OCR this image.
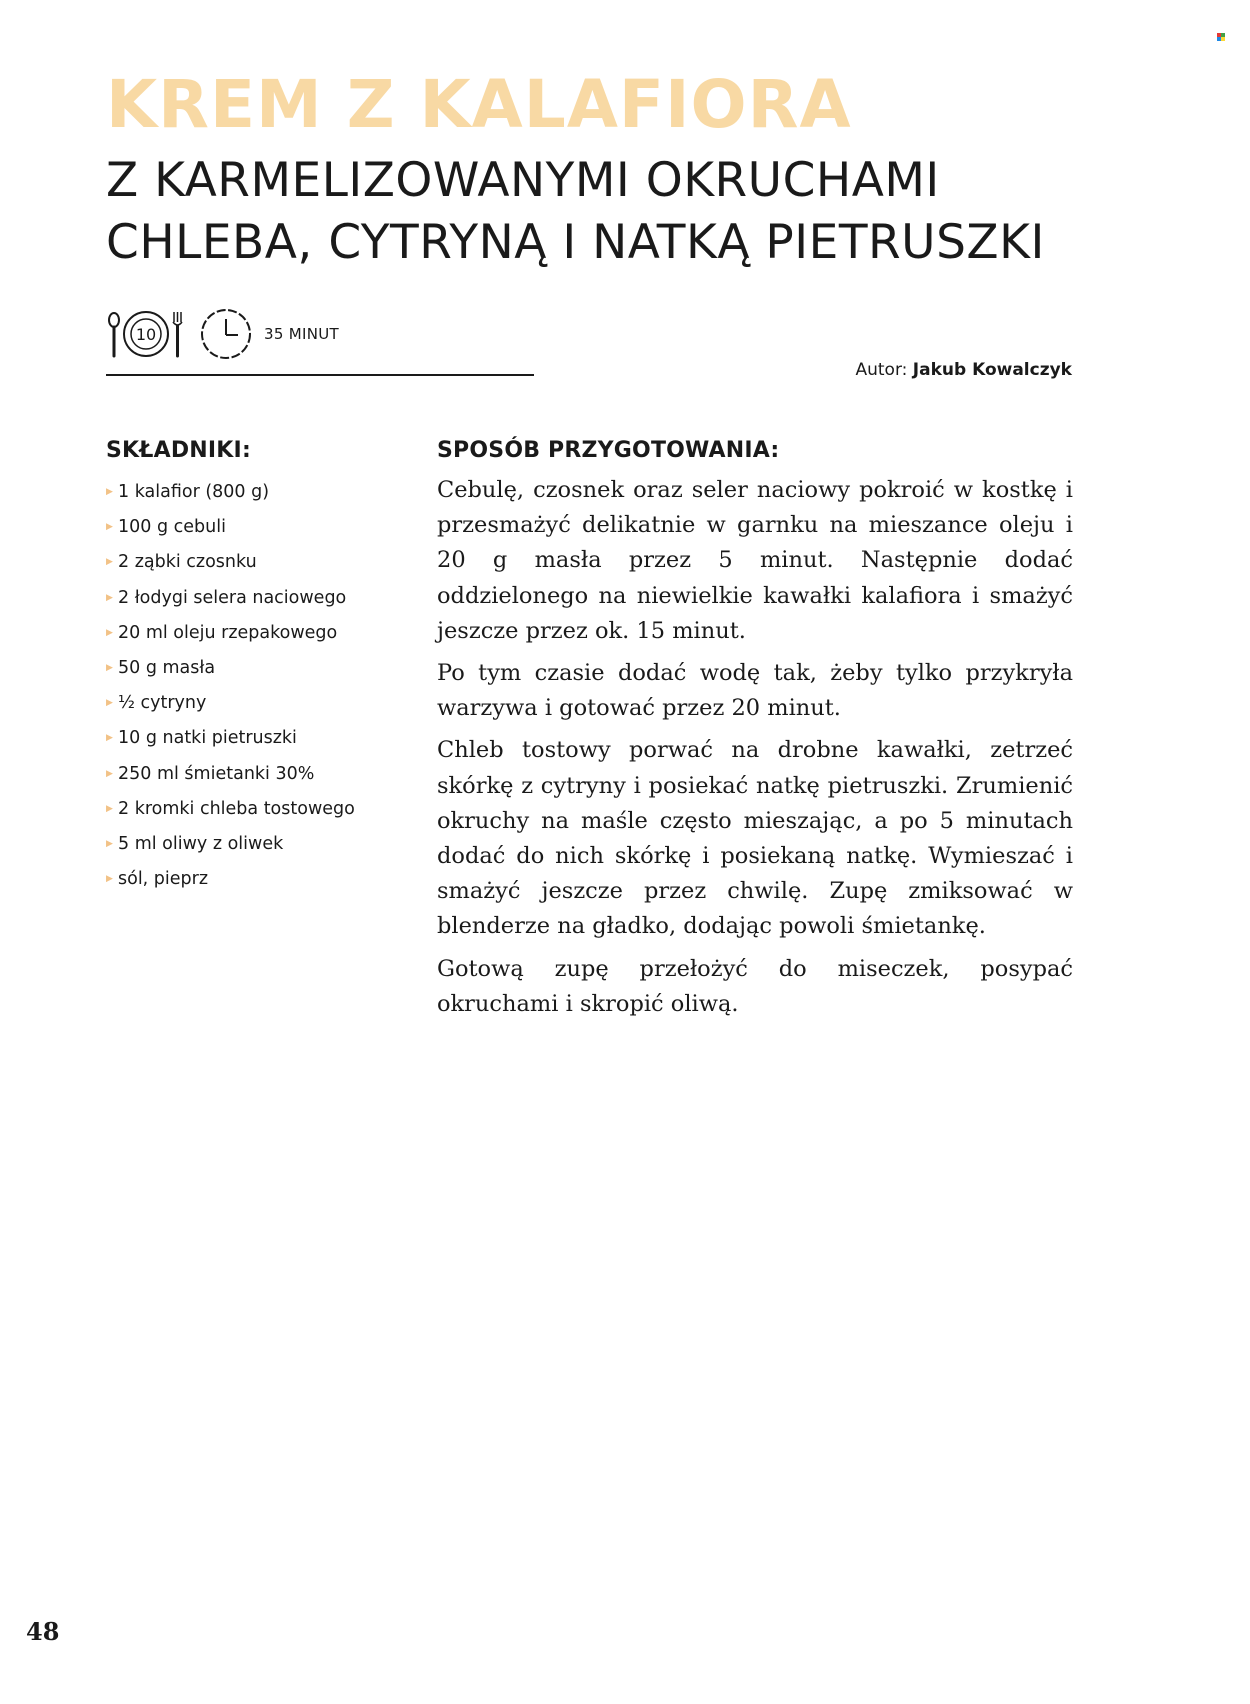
KREM Z KALAFIORA
Z KARMELIZOWANYMI OKRUCHAMI
CHLEBA, CYTRYNĄ I NATKĄ PIETRUSZKI
10	35 MINUT
Autor: Jakub Kowalczyk
SKŁADNIKI:
▶ 1 kalafior (800 g)
▶ 100 g cebuli
▶ 2 ząbki czosnku
▶ 2 łodygi selera naciowego
▶ 20 ml oleju rzepakowego
▶ 50 g masła
▶ ½ cytryny
▶ 10 g natki pietruszki
▶ 250 ml śmietanki 30%
▶ 2 kromki chleba tostowego
▶ 5 ml oliwy z oliwek
▶ sól, pieprz
SPOSÓB PRZYGOTOWANIA:

Cebulę, czosnek oraz seler naciowy pokroić w kostkę i przesmażyć delikatnie w garnku na mieszance oleju i 20 g masła przez 5 minut. Następnie dodać oddzielonego na niewielkie kawałki kalafiora i smażyć jeszcze przez ok. 15 minut.

Po tym czasie dodać wodę tak, żeby tylko przykryła warzywa i gotować przez 20 minut.

Chleb tostowy porwać na drobne kawałki, zetrzeć skórkę z cytryny i posiekać natkę pietruszki. Zrumienić okruchy na maśle często mieszając, a po 5 minutach dodać do nich skórkę i posiekaną natkę. Wymieszać i smażyć jeszcze przez chwilę. Zupę zmiksować w blenderze na gładko, dodając powoli śmietankę.

Gotową zupę przełożyć do miseczek, posypać okruchami i skropić oliwą.

48
